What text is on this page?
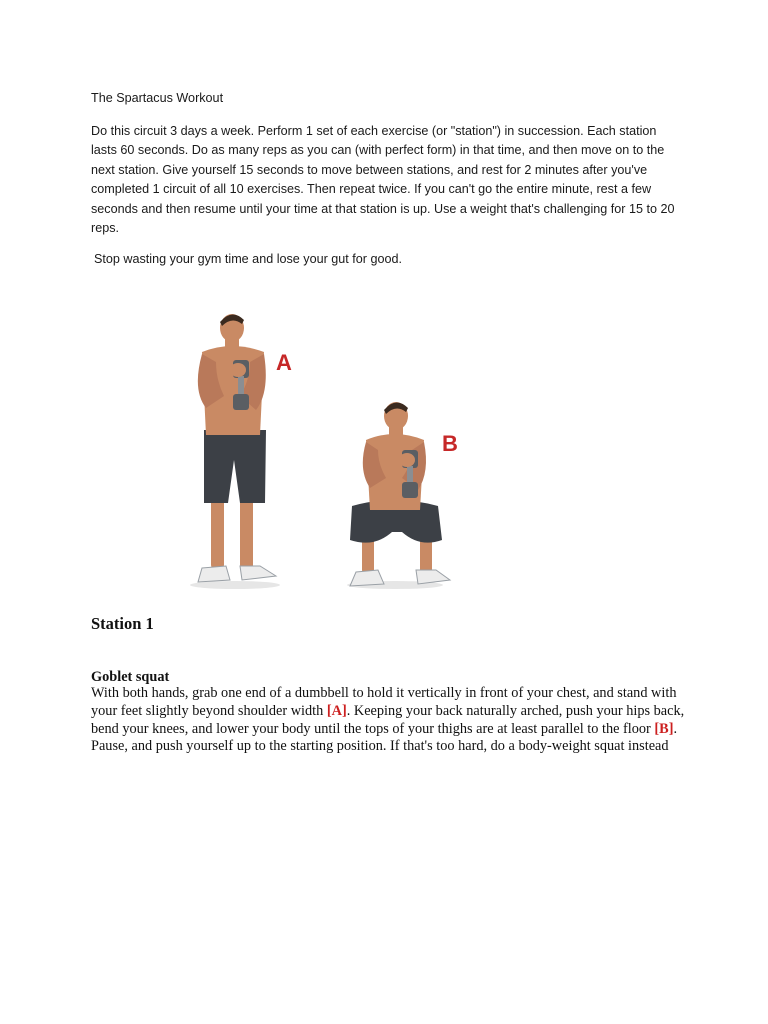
The Spartacus Workout

Do this circuit 3 days a week. Perform 1 set of each exercise (or "station") in succession. Each station lasts 60 seconds. Do as many reps as you can (with perfect form) in that time, and then move on to the next station. Give yourself 15 seconds to move between stations, and rest for 2 minutes after you've completed 1 circuit of all 10 exercises. Then repeat twice. If you can't go the entire minute, rest a few seconds and then resume until your time at that station is up. Use a weight that's challenging for 15 to 20 reps.

Stop wasting your gym time and lose your gut for good.

A
B

Station 1

Goblet squat

With both hands, grab one end of a dumbbell to hold it vertically in front of your chest, and stand with your feet slightly beyond shoulder width [A]. Keeping your back naturally arched, push your hips back, bend your knees, and lower your body until the tops of your thighs are at least parallel to the floor [B]. Pause, and push yourself up to the starting position. If that's too hard, do a body-weight squat instead
